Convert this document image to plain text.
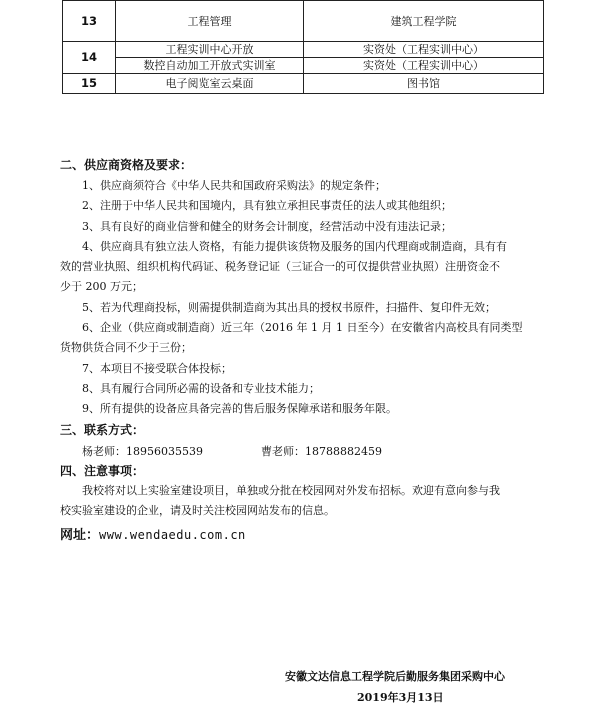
13	工程管理	建筑工程学院
14	工程实训中心开放	实资处（工程实训中心）
	数控自动加工开放式实训室	实资处（工程实训中心）
15	电子阅览室云桌面	图书馆
二、供应商资格及要求：
1、供应商须符合《中华人民共和国政府采购法》的规定条件；
2、注册于中华人民共和国境内，具有独立承担民事责任的法人或其他组织；
3、具有良好的商业信誉和健全的财务会计制度，经营活动中没有违法记录；
4、供应商具有独立法人资格，有能力提供该货物及服务的国内代理商或制造商，具有有
效的营业执照、组织机构代码证、税务登记证（三证合一的可仅提供营业执照）注册资金不
少于 200 万元；
5、若为代理商投标，则需提供制造商为其出具的授权书原件，扫描件、复印件无效；
6、企业（供应商或制造商）近三年（2016 年 1 月 1 日至今）在安徽省内高校具有同类型
货物供货合同不少于三份；
7、本项目不接受联合体投标；
8、具有履行合同所必需的设备和专业技术能力；
9、所有提供的设备应具备完善的售后服务保障承诺和服务年限。
三、联系方式：
杨老师：18956035539	曹老师：18788882459
四、注意事项：
我校将对以上实验室建设项目，单独或分批在校园网对外发布招标。欢迎有意向参与我
校实验室建设的企业，请及时关注校园网站发布的信息。
网址：www.wendaedu.com.cn
安徽文达信息工程学院后勤服务集团采购中心
2019年3月13日
